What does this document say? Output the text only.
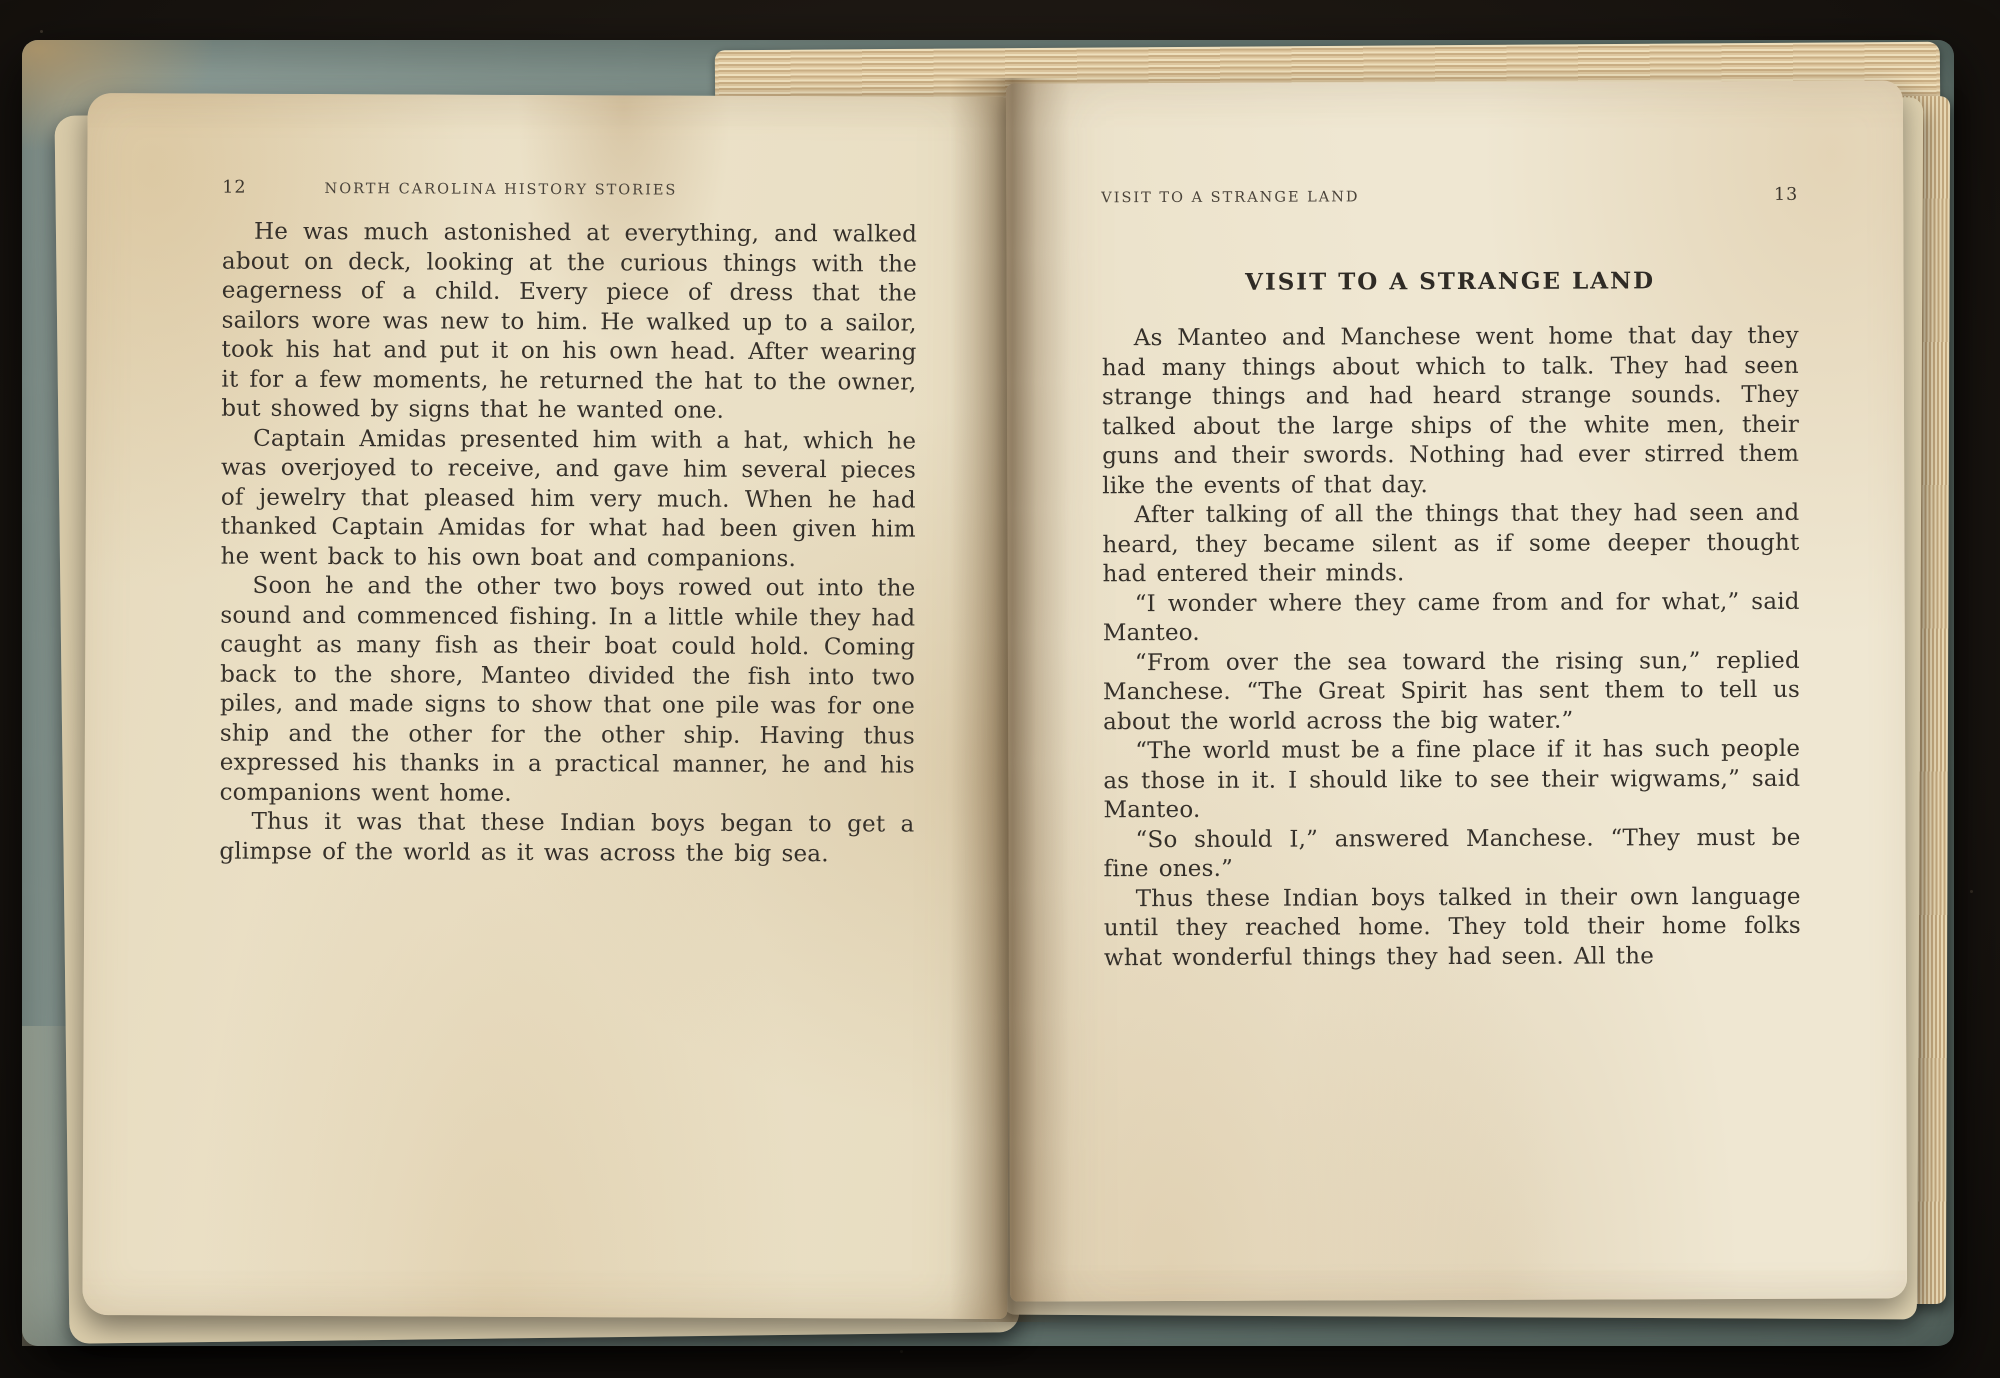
12	NORTH CAROLINA HISTORY STORIES

He was much astonished at everything, and walked about on deck, looking at the curious things with the eagerness of a child. Every piece of dress that the sailors wore was new to him. He walked up to a sailor, took his hat and put it on his own head. After wearing it for a few moments, he returned the hat to the owner, but showed by signs that he wanted one.

Captain Amidas presented him with a hat, which he was overjoyed to receive, and gave him several pieces of jewelry that pleased him very much. When he had thanked Captain Amidas for what had been given him he went back to his own boat and companions.

Soon he and the other two boys rowed out into the sound and commenced fishing. In a little while they had caught as many fish as their boat could hold. Coming back to the shore, Manteo divided the fish into two piles, and made signs to show that one pile was for one ship and the other for the other ship. Having thus expressed his thanks in a practical manner, he and his companions went home.

Thus it was that these Indian boys began to get a glimpse of the world as it was across the big sea.

VISIT TO A STRANGE LAND	13
VISIT TO A STRANGE LAND

As Manteo and Manchese went home that day they had many things about which to talk. They had seen strange things and had heard strange sounds. They talked about the large ships of the white men, their guns and their swords. Nothing had ever stirred them like the events of that day.

After talking of all the things that they had seen and heard, they became silent as if some deeper thought had entered their minds.

“I wonder where they came from and for what,” said Manteo.

“From over the sea toward the rising sun,” replied Manchese. “The Great Spirit has sent them to tell us about the world across the big water.”

“The world must be a fine place if it has such people as those in it. I should like to see their wigwams,” said Manteo.

“So should I,” answered Manchese. “They must be fine ones.”

Thus these Indian boys talked in their own language until they reached home. They told their home folks what wonderful things they had seen. All the
